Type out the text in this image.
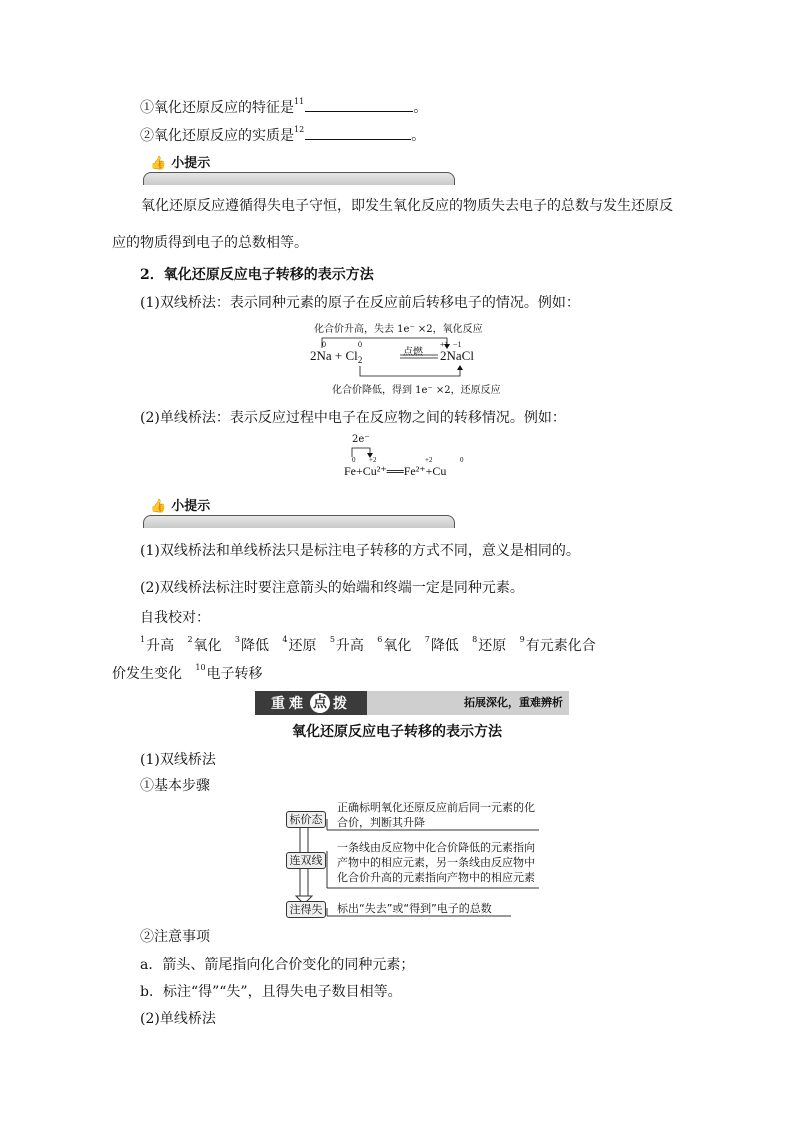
①氧化还原反应的特征是$^{11}$	。
②氧化还原反应的实质是$^{12}$	。
👍 小提示
氧化还原反应遵循得失电子守恒，即发生氧化反应的物质失去电子的总数与发生还原反
应的物质得到电子的总数相等。
2．氧化还原反应电子转移的表示方法
(1)双线桥法：表示同种元素的原子在反应前后转移电子的情况。例如：
化合价升高，失去 1e⁻ ×2，氧化反应
0	0	+1 −1
$2Na + Cl_2$
点燃 2NaCl
化合价降低，得到 1e⁻ ×2，还原反应
(2)单线桥法：表示反应过程中电子在反应物之间的转移情况。例如：
2e⁻
0 +2	+2	0
Fe+Cu²⁺══Fe²⁺+Cu
👍 小提示
(1)双线桥法和单线桥法只是标注电子转移的方式不同，意义是相同的。
(2)双线桥法标注时要注意箭头的始端和终端一定是同种元素。
自我校对：
$^1$升高 $^2$氧化 $^3$降低 $^4$还原 $^5$升高 $^6$氧化 $^7$降低 $^8$还原 $^9$有元素化合
价发生变化 $^{10}$电子转移
重难 点 拨	拓展深化，重难辨析
氧化还原反应电子转移的表示方法
(1)双线桥法
①基本步骤
标价态
连双线
注得失
正确标明氧化还原反应前后同一元素的化
合价，判断其升降
一条线由反应物中化合价降低的元素指向
产物中的相应元素，另一条线由反应物中
化合价升高的元素指向产物中的相应元素
标出“失去”或“得到”电子的总数
②注意事项
a．箭头、箭尾指向化合价变化的同种元素；
b．标注“得”“失”，且得失电子数目相等。
(2)单线桥法
